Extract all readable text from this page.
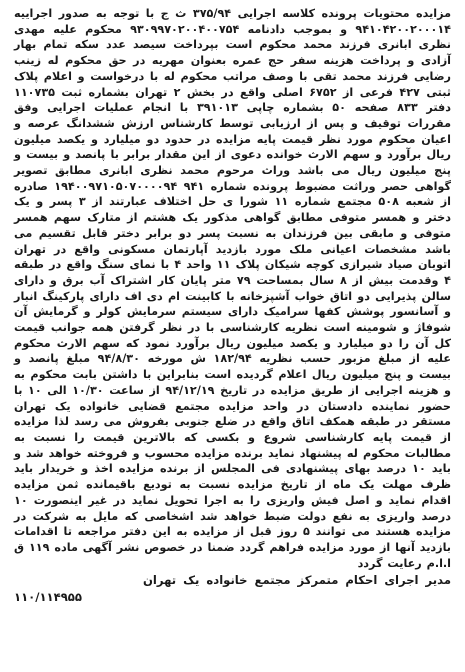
مزایده محتویات پرونده کلاسه اجرایی ۳۷۵/۹۴ ث ج با توجه به صدور اجراییه ۹۴۱۰۴۲۰۰۲۰۰۰۱۴ و بموجب دادنامه ۹۳۰۹۹۷۰۲۰۰۴۰۰۷۵۴ محکوم علیه مهدی نظری ابانری فرزند محمد محکوم است بپرداخت سیصد عدد سکه تمام بهار آزادی و پرداخت هزینه سفر حج عمره بعنوان مهریه در حق محکوم له زینب رضایی فرزند محمد تقی با وصف مراتب محکوم له با درخواست و اعلام پلاک ثبتی ۴۲۷ فرعی از ۶۷۵۲ اصلی واقع در بخش ۲ تهران بشماره ثبت ۱۱۰۷۳۵ دفتر ۸۳۳ صفحه ۵۰ بشماره چاپی ۳۹۱۰۱۳ با انجام عملیات اجرایی وفق مقررات توقیف و پس از ارزیابی توسط کارشناس ارزش ششدانگ عرصه و اعیان محکوم مورد نظر قیمت پایه مزایده در حدود دو میلیارد و یکصد میلیون ریال برآورد و سهم الارث خوانده دعوی از این مقدار برابر با پانصد و بیست و پنج میلیون ریال می باشد وراث مرحوم محمد نظری ابانری مطابق تصویر گواهی حصر وراثت مضبوط پرونده شماره ۹۴۱ ۱۹۴۰۰۹۷۱۰۵۰۷۰۰۰۰۹۴ صادره از شعبه ۵۰۸ مجتمع شماره ۱۱ شورا ی حل اختلاف عبارتند از ۳ پسر و یک دختر و همسر متوفی مطابق گواهی مذکور یک هشتم از متارک سهم همسر متوفی و مابقی بین فرزندان به نسبت پسر دو برابر دختر قابل تقسیم می باشد مشخصات اعیانی ملک مورد بازدید آپارتمان مسکونی واقع در تهران اتوبان صیاد شیرازی کوچه شیکان پلاک ۱۱ واحد ۴ با نمای سنگ واقع در طبقه ۴ وقدمت بیش از ۸ سال بمساحت ۷۹ متر پایان کار اشتراک آب برق و دارای سالن پذیرایی دو اتاق خواب آشپزخانه با کابینت ام دی اف دارای پارکینگ انبار و آسانسور پوشش کفها سرامیک دارای سیستم سرمایش کولر و گرمایش آن شوفاژ و شومینه است نظریه کارشناسی با در نظر گرفتن همه جوانب قیمت کل آن را دو میلیارد و یکصد میلیون ریال برآورد نمود که سهم الارث محکوم علیه از مبلغ مزبور حسب نظریه ۱۸۲/۹۴ ش مورخه ۹۴/۸/۳۰ مبلغ پانصد و بیست و پنج میلیون ریال اعلام گردیده است بنابراین با داشتن بابت محکوم به و هزینه اجرایی از طریق مزایده در تاریخ ۹۴/۱۲/۱۹ از ساعت ۱۰/۳۰ الی ۱۰ با حضور نماینده دادستان در واحد مزایده مجتمع قضایی خانواده یک تهران مستقر در طبقه همکف اتاق واقع در ضلع جنوبی بفروش می رسد لذا مزایده از قیمت پایه کارشناسی شروع و بکسی که بالاترین قیمت را نسبت به مطالبات محکوم له پیشنهاد نماید برنده مزایده محسوب و فروخته خواهد شد و باید ۱۰ درصد بهای پیشنهادی فی المجلس از برنده مزایده اخذ و خریدار باید ظرف مهلت یک ماه از تاریخ مزایده نسبت به تودیع باقیمانده ثمن مزایده اقدام نماید و اصل فیش واریزی را به اجرا تحویل نماید در غیر اینصورت ۱۰ درصد واریزی به نفع دولت ضبط خواهد شد اشخاصی که مایل به شرکت در مزایده هستند می توانند ۵ روز قبل از مزایده به این دفتر مراجعه تا اقدامات بازدید آنها از مورد مزایده فراهم گردد ضمنا در خصوص نشر آگهی ماده ۱۱۹ ق ا.ا.م رعایت گردد

مدیر اجرای احکام متمرکز مجتمع خانواده یک تهران
۱۱۰/۱۱۴۹۵۵
